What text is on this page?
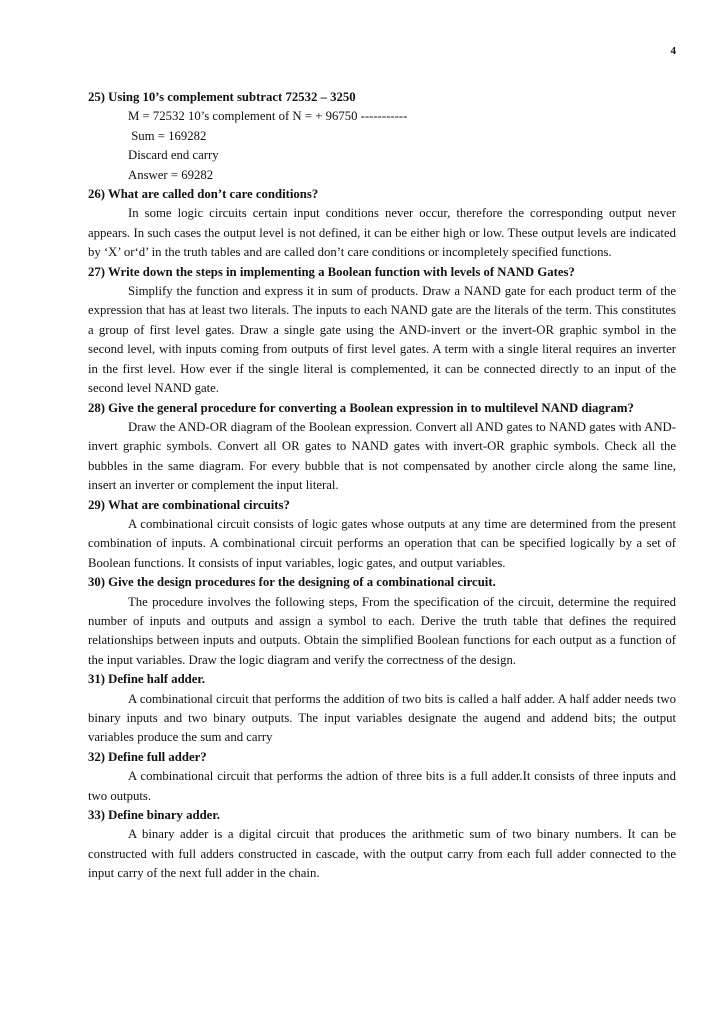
4

25) Using 10’s complement subtract 72532 – 3250

M = 72532 10’s complement of N = + 96750 -----------

Sum = 169282

Discard end carry

Answer = 69282

26) What are called don’t care conditions?

In some logic circuits certain input conditions never occur, therefore the corresponding output never appears. In such cases the output level is not defined, it can be either high or low. These output levels are indicated by ‘X’ or‘d’ in the truth tables and are called don’t care conditions or incompletely specified functions.

27) Write down the steps in implementing a Boolean function with levels of NAND Gates?

Simplify the function and express it in sum of products. Draw a NAND gate for each product term of the expression that has at least two literals. The inputs to each NAND gate are the literals of the term. This constitutes a group of first level gates. Draw a single gate using the AND-invert or the invert-OR graphic symbol in the second level, with inputs coming from outputs of first level gates. A term with a single literal requires an inverter in the first level. How ever if the single literal is complemented, it can be connected directly to an input of the second level NAND gate.

28) Give the general procedure for converting a Boolean expression in to multilevel NAND diagram?

Draw the AND-OR diagram of the Boolean expression. Convert all AND gates to NAND gates with AND-invert graphic symbols. Convert all OR gates to NAND gates with invert-OR graphic symbols. Check all the bubbles in the same diagram. For every bubble that is not compensated by another circle along the same line, insert an inverter or complement the input literal.

29) What are combinational circuits?

A combinational circuit consists of logic gates whose outputs at any time are determined from the present combination of inputs. A combinational circuit performs an operation that can be specified logically by a set of Boolean functions. It consists of input variables, logic gates, and output variables.

30) Give the design procedures for the designing of a combinational circuit.

The procedure involves the following steps, From the specification of the circuit, determine the required number of inputs and outputs and assign a symbol to each. Derive the truth table that defines the required relationships between inputs and outputs. Obtain the simplified Boolean functions for each output as a function of the input variables. Draw the logic diagram and verify the correctness of the design.

31) Define half adder.

A combinational circuit that performs the addition of two bits is called a half adder. A half adder needs two binary inputs and two binary outputs. The input variables designate the augend and addend bits; the output variables produce the sum and carry

32) Define full adder?

A combinational circuit that performs the adtion of three bits is a full adder.It consists of three inputs and two outputs.

33) Define binary adder.

A binary adder is a digital circuit that produces the arithmetic sum of two binary numbers. It can be constructed with full adders constructed in cascade, with the output carry from each full adder connected to the input carry of the next full adder in the chain.
